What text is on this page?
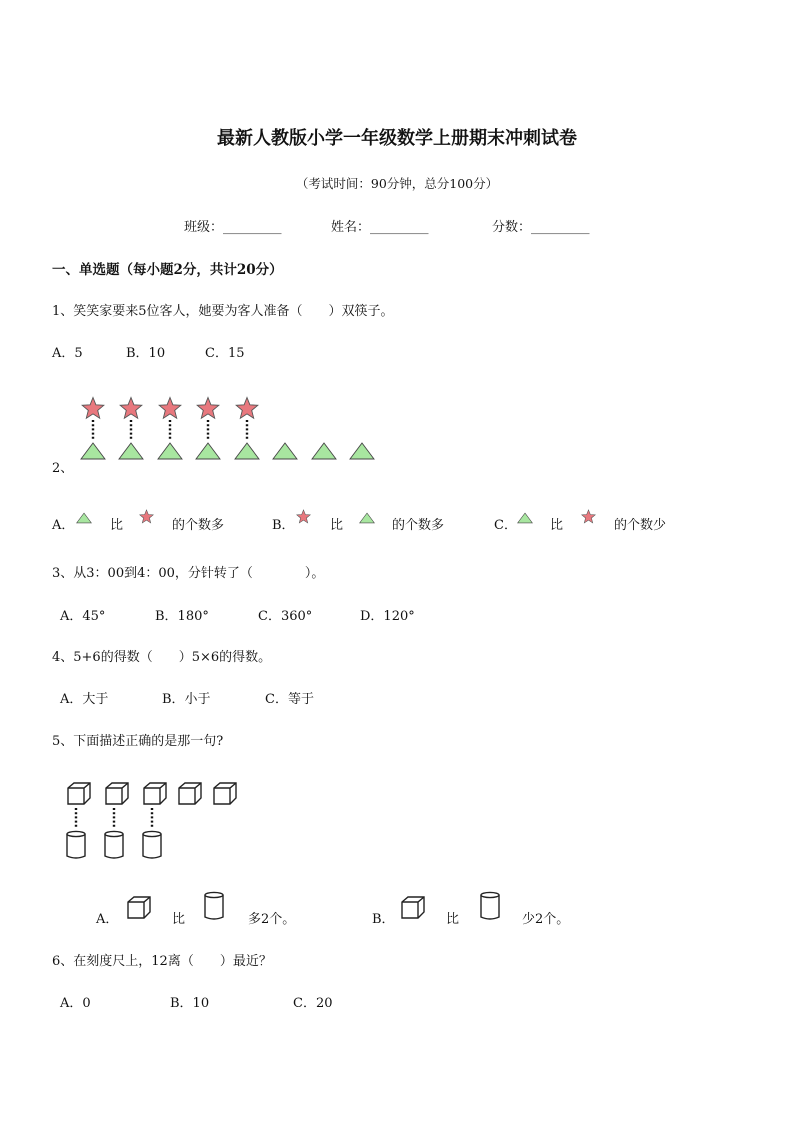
最新人教版小学一年级数学上册期末冲刺试卷
（考试时间：90分钟，总分100分）
班级：_________	姓名：_________	分数：_________
一、单选题（每小题2分，共计20分）
1、笑笑家要来5位客人，她要为客人准备（　　）双筷子。
A．5	B．10	C．15
2、
A．	比	的个数多	B．	比	的个数多	C．	比	的个数少
3、从3：00到4：00，分针转了（　　　　）。
A．45°	B．180°	C．360°	D．120°
4、5+6的得数（　　）5×6的得数。
A．大于	B．小于	C．等于
5、下面描述正确的是那一句?
A．	比	多2个。	B．	比	少2个。
6、在刻度尺上，12离（　　）最近？
A．0	B．10	C．20
